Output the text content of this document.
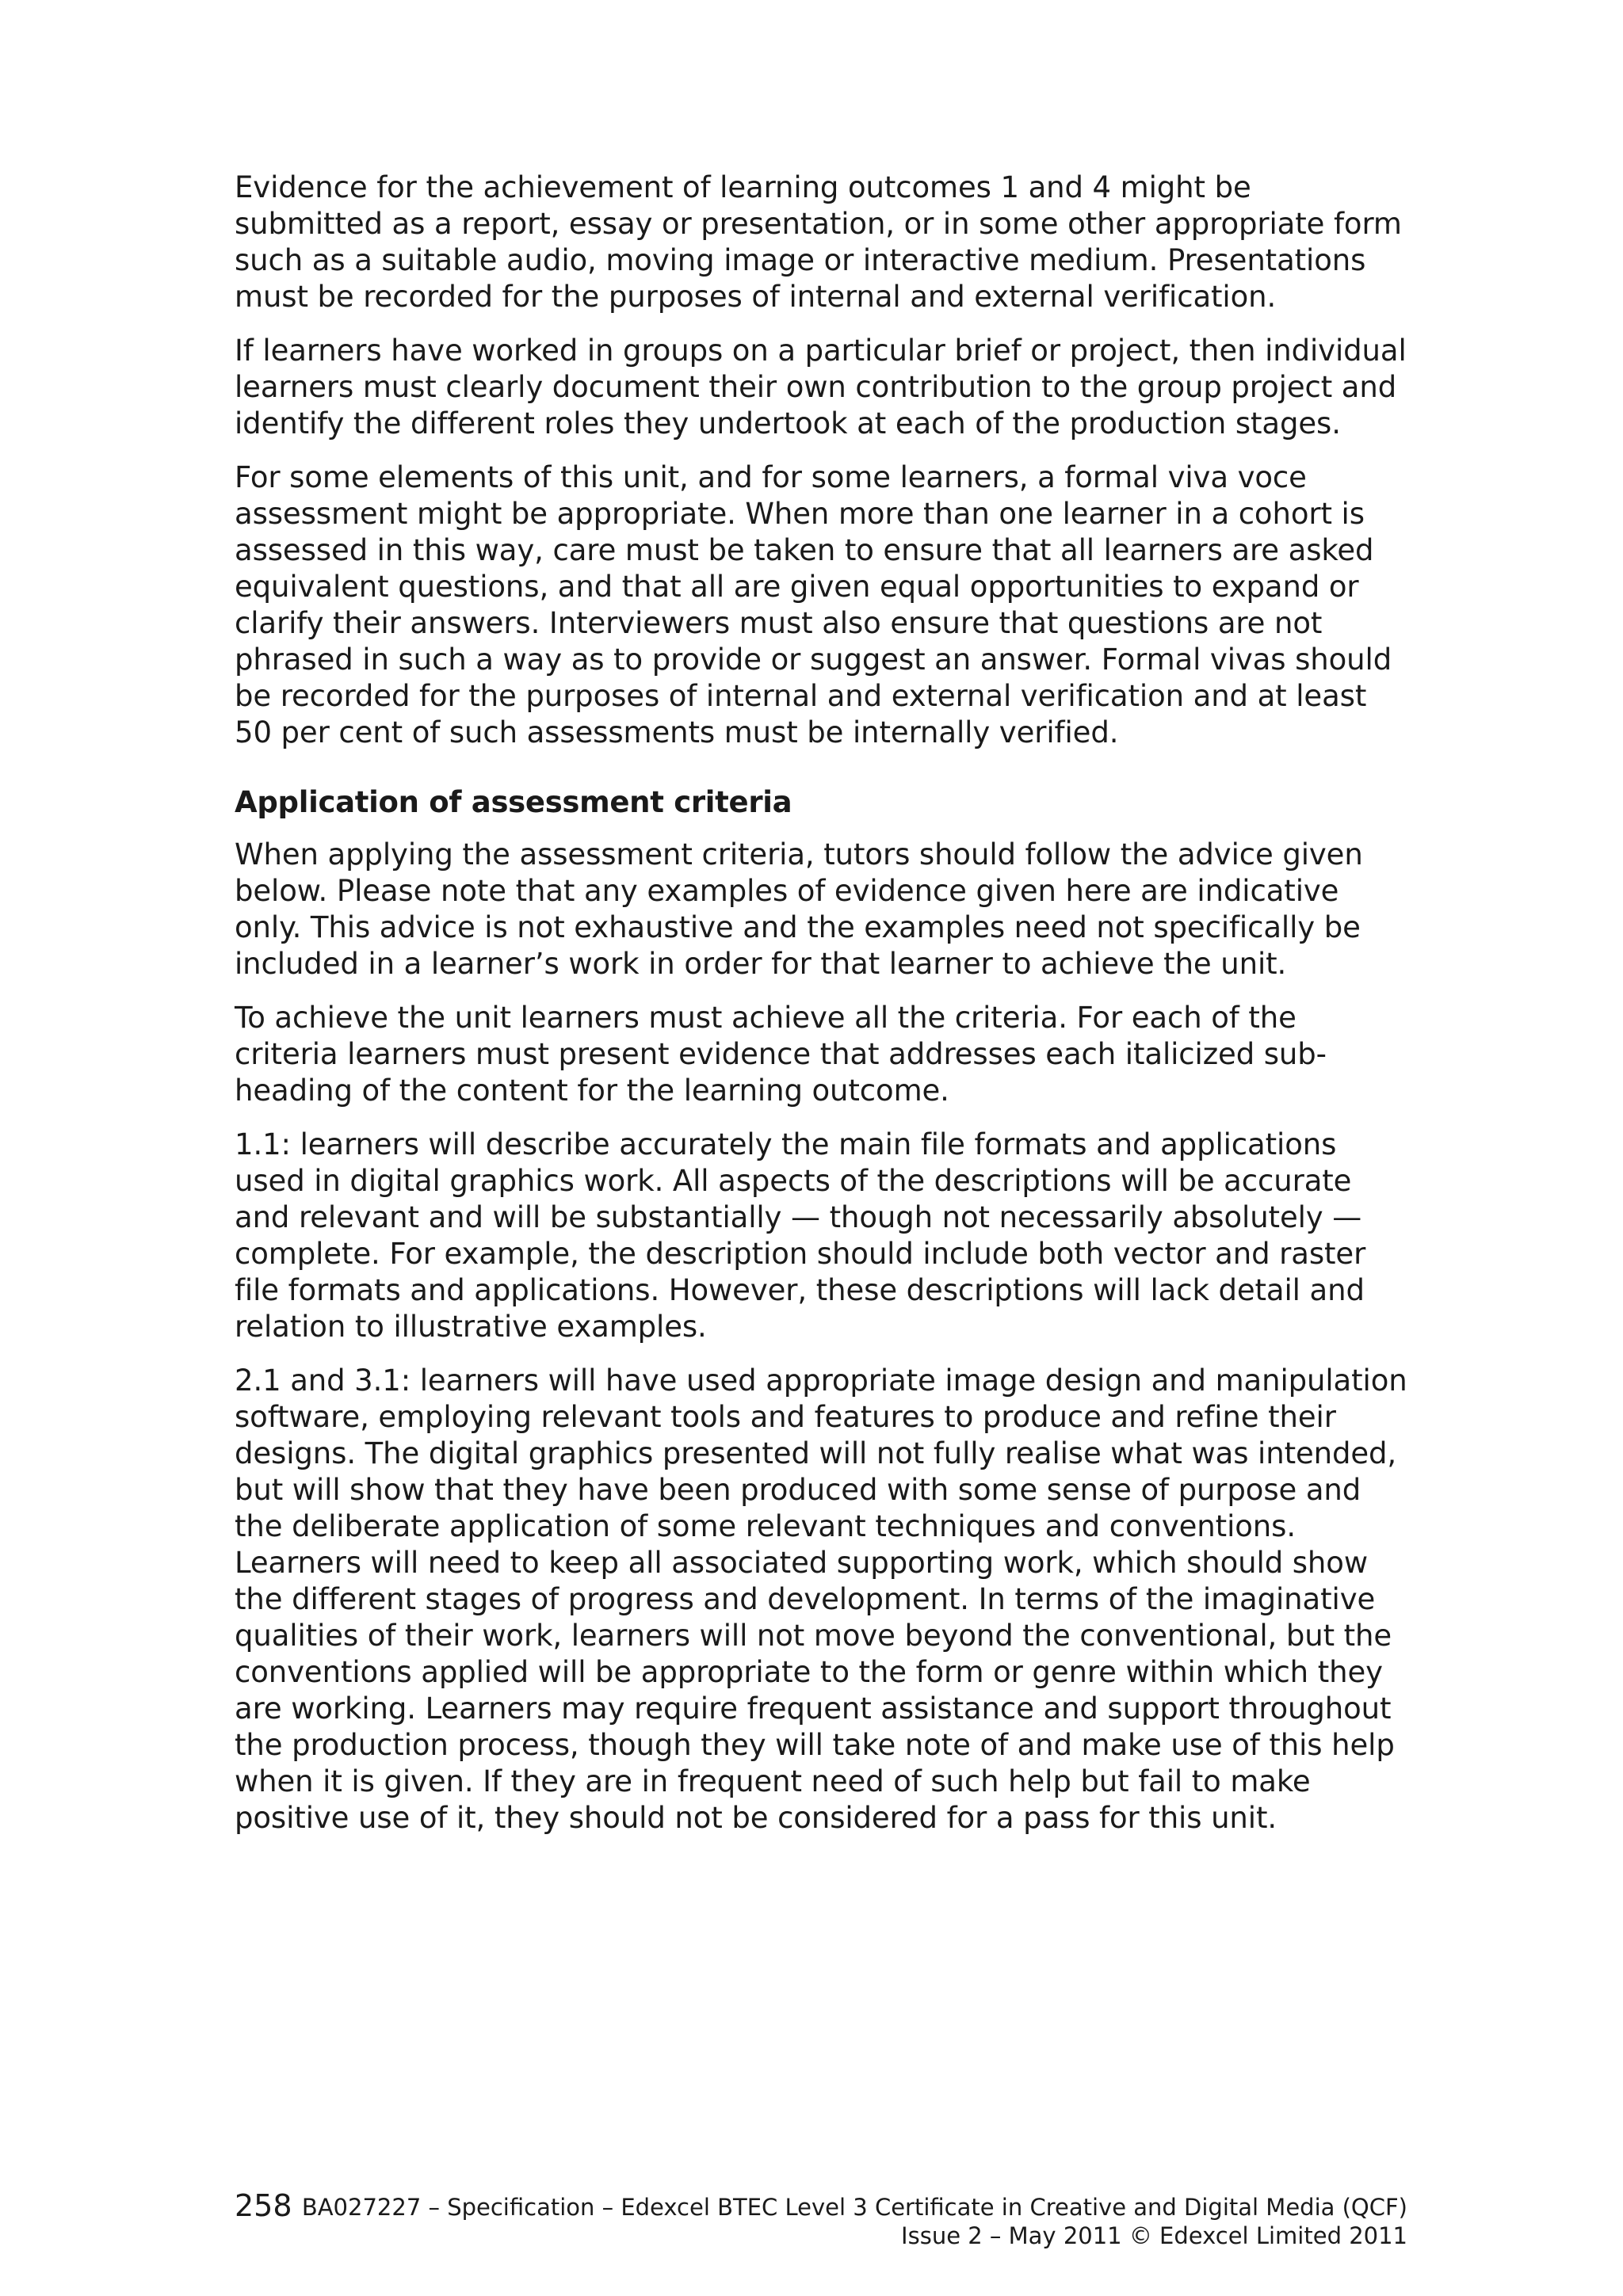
Evidence for the achievement of learning outcomes 1 and 4 might be submitted as a report, essay or presentation, or in some other appropriate form such as a suitable audio, moving image or interactive medium. Presentations must be recorded for the purposes of internal and external verification.

If learners have worked in groups on a particular brief or project, then individual learners must clearly document their own contribution to the group project and identify the different roles they undertook at each of the production stages.

For some elements of this unit, and for some learners, a formal viva voce assessment might be appropriate. When more than one learner in a cohort is assessed in this way, care must be taken to ensure that all learners are asked equivalent questions, and that all are given equal opportunities to expand or clarify their answers. Interviewers must also ensure that questions are not phrased in such a way as to provide or suggest an answer. Formal vivas should be recorded for the purposes of internal and external verification and at least 50 per cent of such assessments must be internally verified.

Application of assessment criteria

When applying the assessment criteria, tutors should follow the advice given below. Please note that any examples of evidence given here are indicative only. This advice is not exhaustive and the examples need not specifically be included in a learner’s work in order for that learner to achieve the unit.

To achieve the unit learners must achieve all the criteria. For each of the criteria learners must present evidence that addresses each italicized sub-heading of the content for the learning outcome.

1.1: learners will describe accurately the main file formats and applications used in digital graphics work. All aspects of the descriptions will be accurate and relevant and will be substantially — though not necessarily absolutely — complete. For example, the description should include both vector and raster file formats and applications. However, these descriptions will lack detail and relation to illustrative examples.

2.1 and 3.1: learners will have used appropriate image design and manipulation software, employing relevant tools and features to produce and refine their designs. The digital graphics presented will not fully realise what was intended, but will show that they have been produced with some sense of purpose and the deliberate application of some relevant techniques and conventions. Learners will need to keep all associated supporting work, which should show the different stages of progress and development. In terms of the imaginative qualities of their work, learners will not move beyond the conventional, but the conventions applied will be appropriate to the form or genre within which they are working. Learners may require frequent assistance and support throughout the production process, though they will take note of and make use of this help when it is given. If they are in frequent need of such help but fail to make positive use of it, they should not be considered for a pass for this unit.

258 BA027227 – Specification – Edexcel BTEC Level 3 Certificate in Creative and Digital Media (QCF)
Issue 2 – May 2011 © Edexcel Limited 2011
